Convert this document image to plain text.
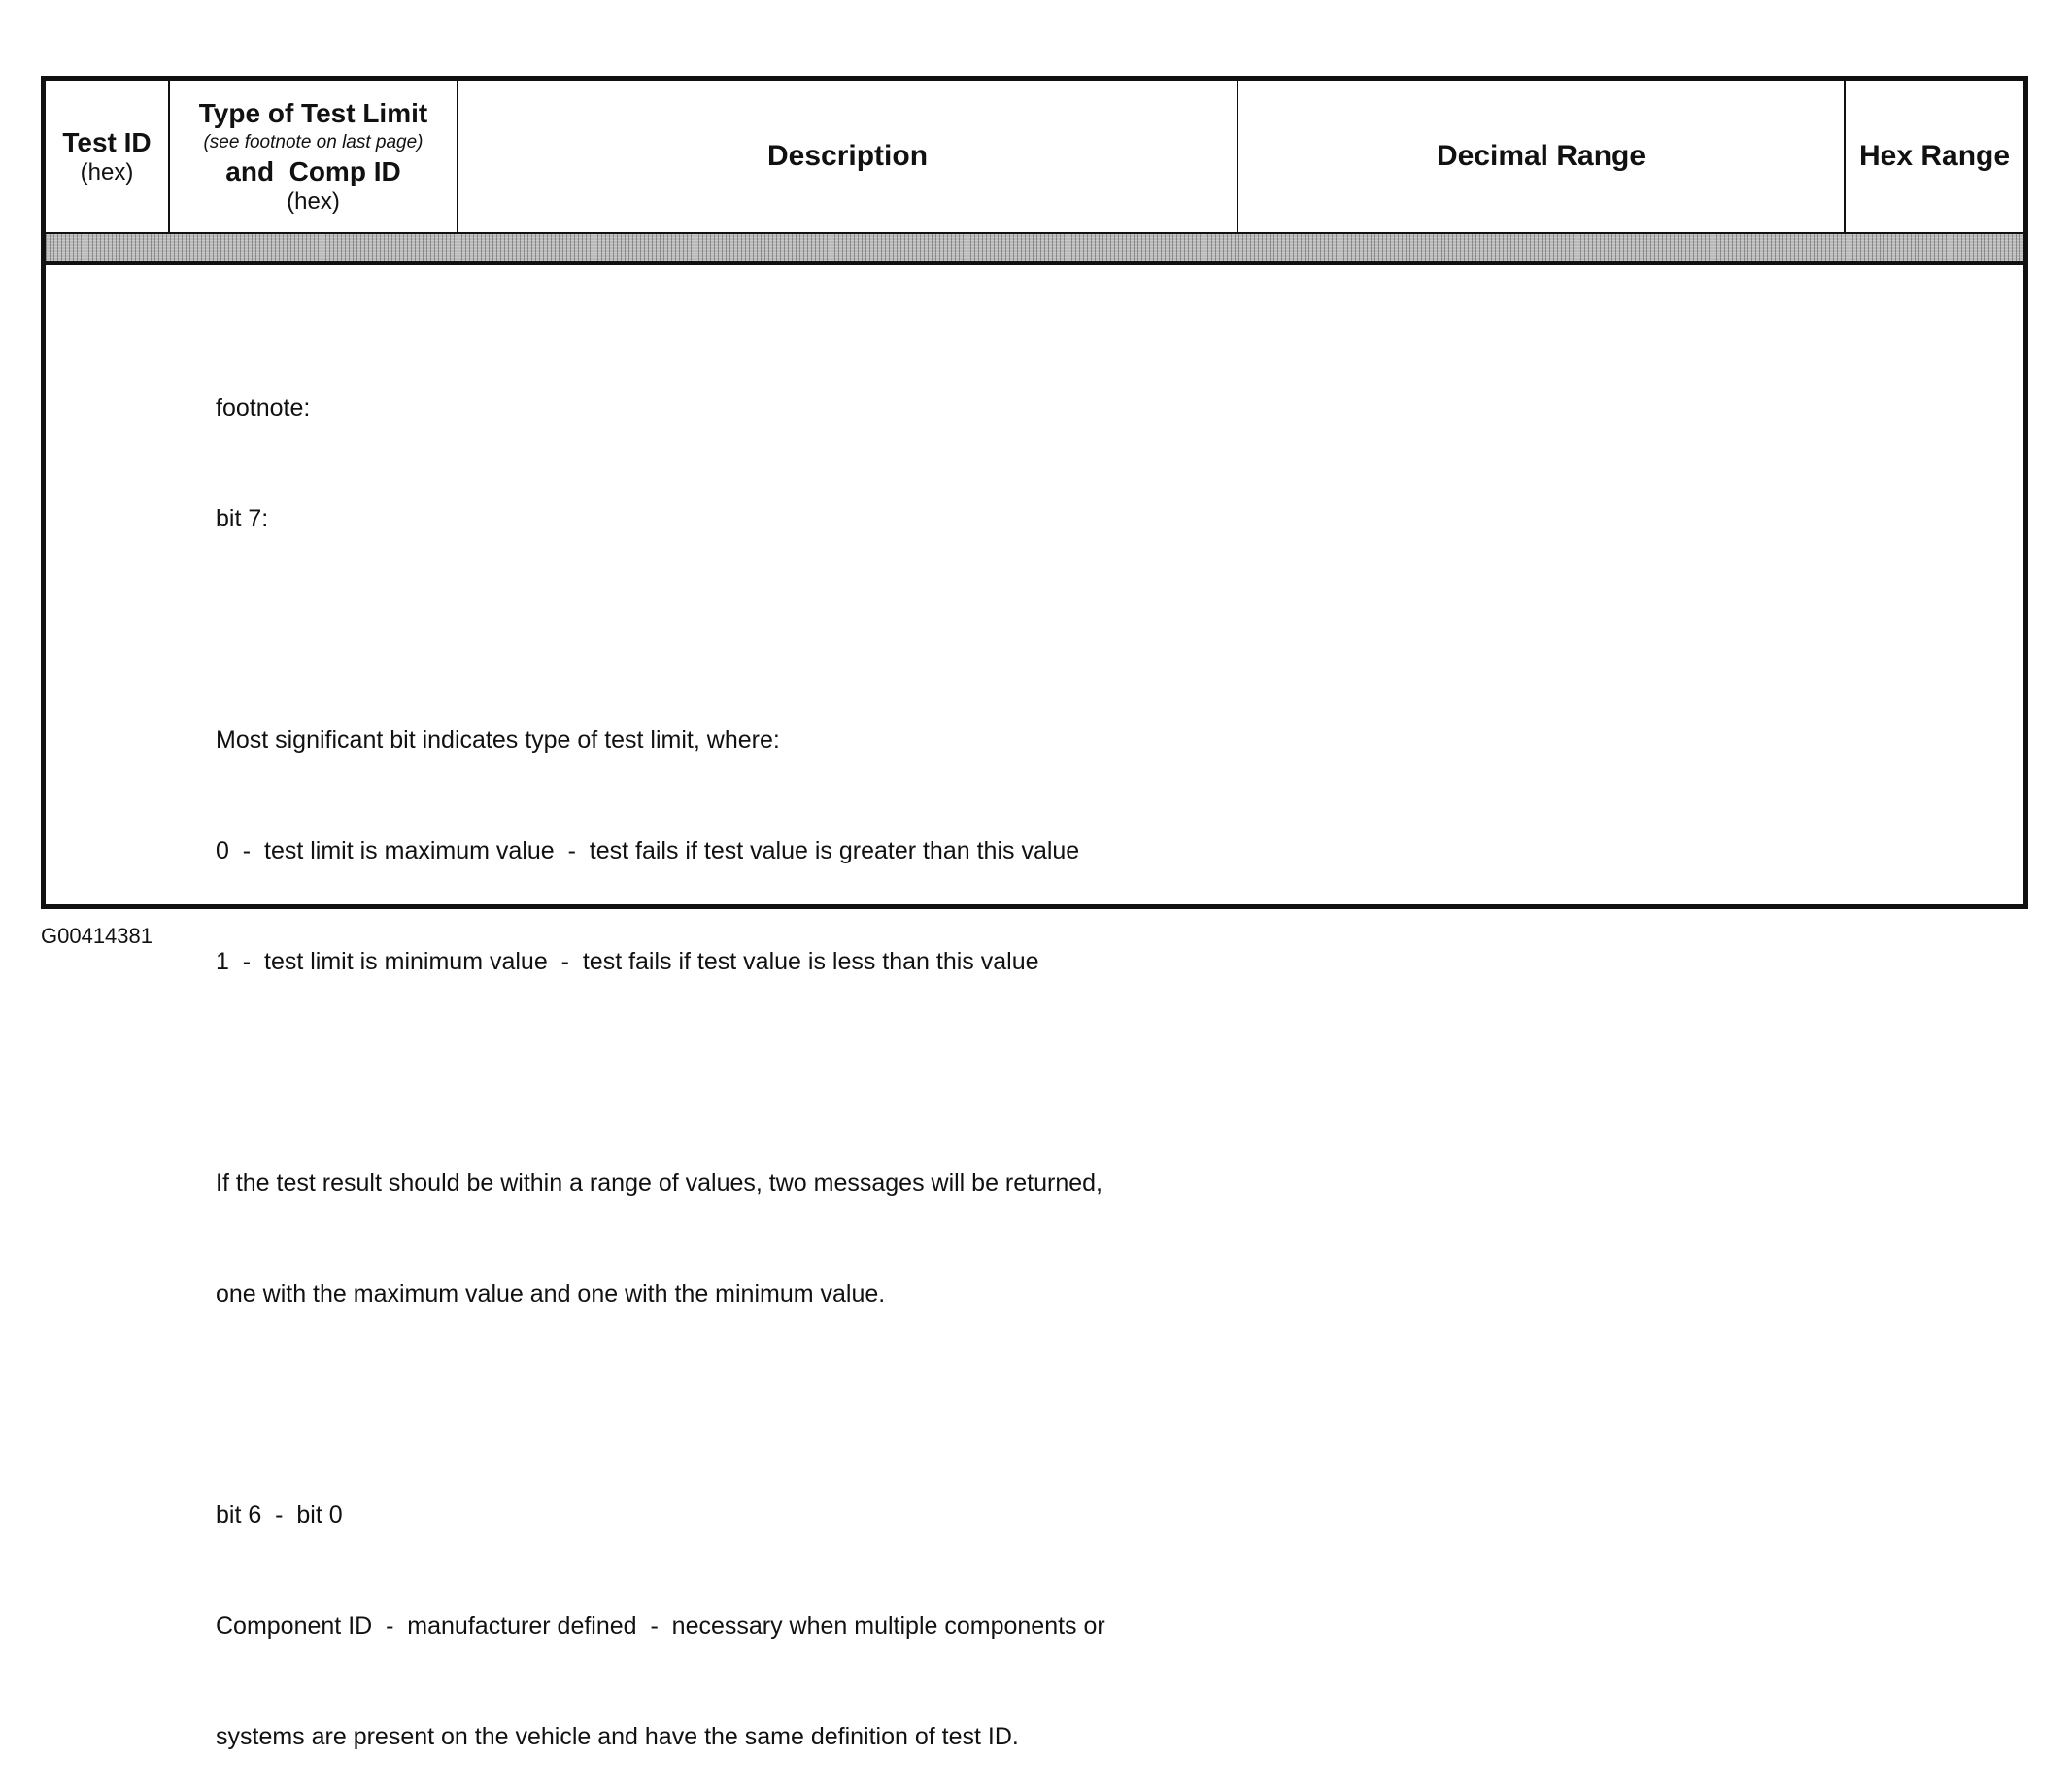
Test ID
(hex)
Type of Test Limit
(see footnote on last page)
and  Comp ID
(hex)
Description	Decimal Range	Hex Range

footnote:

bit 7:

Most significant bit indicates type of test limit, where:

0  -  test limit is maximum value  -  test fails if test value is greater than this value

1  -  test limit is minimum value  -  test fails if test value is less than this value

If the test result should be within a range of values, two messages will be returned,

one with the maximum value and one with the minimum value.

bit 6  -  bit 0

Component ID  -  manufacturer defined  -  necessary when multiple components or

systems are present on the vehicle and have the same definition of test ID.

G00414381
